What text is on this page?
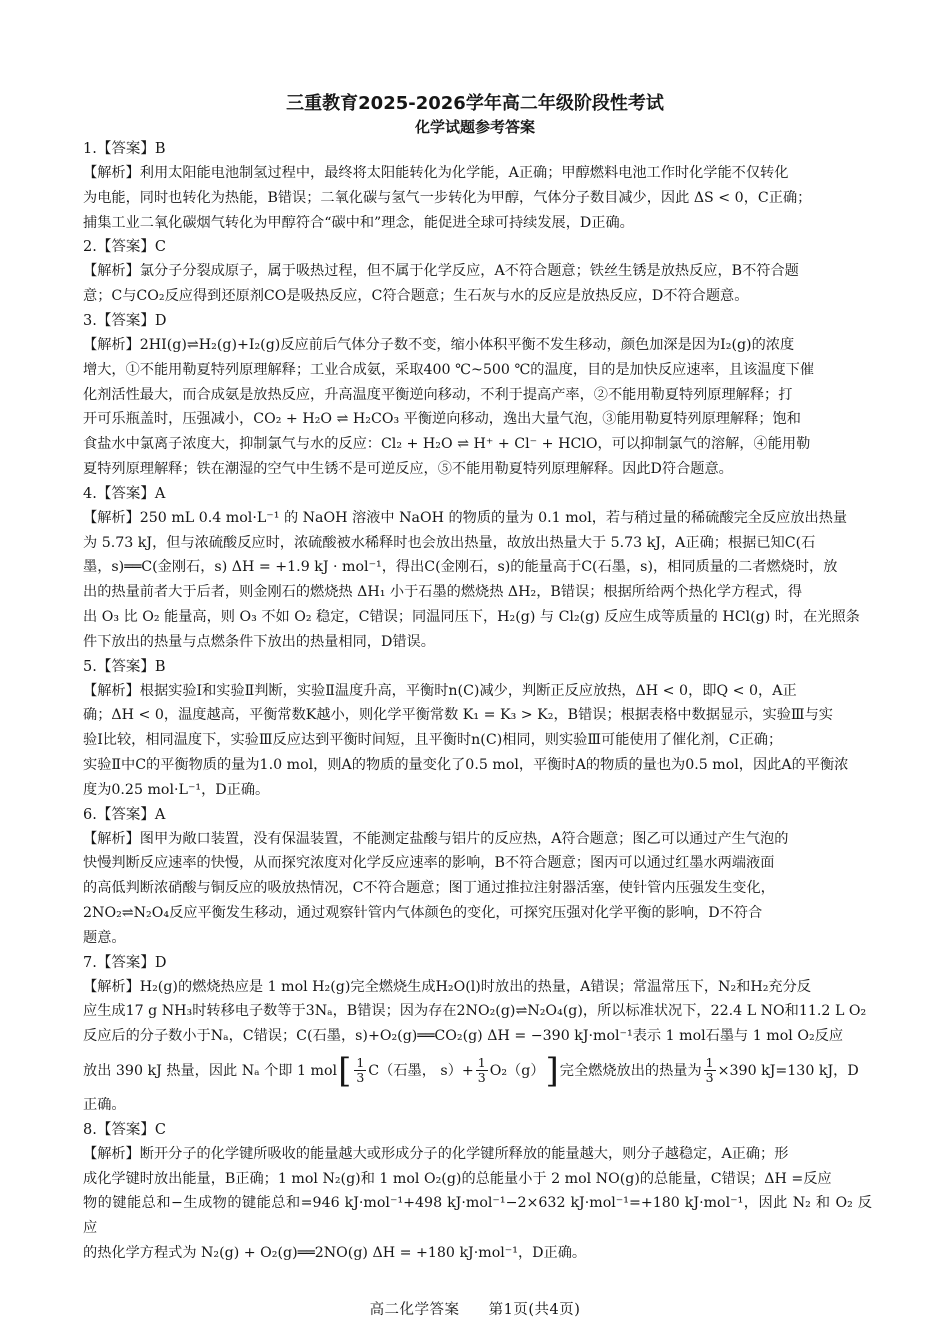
三重教育2025-2026学年高二年级阶段性考试
化学试题参考答案
1.【答案】B
【解析】利用太阳能电池制氢过程中，最终将太阳能转化为化学能，A正确；甲醇燃料电池工作时化学能不仅转化
为电能，同时也转化为热能，B错误；二氧化碳与氢气一步转化为甲醇，气体分子数目减少，因此 ΔS < 0，C正确；
捕集工业二氧化碳烟气转化为甲醇符合“碳中和”理念，能促进全球可持续发展，D正确。
2.【答案】C
【解析】氯分子分裂成原子，属于吸热过程，但不属于化学反应，A不符合题意；铁丝生锈是放热反应，B不符合题
意；C与CO₂反应得到还原剂CO是吸热反应，C符合题意；生石灰与水的反应是放热反应，D不符合题意。
3.【答案】D
【解析】2HI(g)⇌H₂(g)+I₂(g)反应前后气体分子数不变，缩小体积平衡不发生移动，颜色加深是因为I₂(g)的浓度
增大，①不能用勒夏特列原理解释；工业合成氨，采取400 ℃~500 ℃的温度，目的是加快反应速率，且该温度下催
化剂活性最大，而合成氨是放热反应，升高温度平衡逆向移动，不利于提高产率，②不能用勒夏特列原理解释；打
开可乐瓶盖时，压强减小，CO₂ + H₂O ⇌ H₂CO₃ 平衡逆向移动，逸出大量气泡，③能用勒夏特列原理解释；饱和
食盐水中氯离子浓度大，抑制氯气与水的反应：Cl₂ + H₂O ⇌ H⁺ + Cl⁻ + HClO，可以抑制氯气的溶解，④能用勒
夏特列原理解释；铁在潮湿的空气中生锈不是可逆反应，⑤不能用勒夏特列原理解释。因此D符合题意。
4.【答案】A
【解析】250 mL 0.4 mol·L⁻¹ 的 NaOH 溶液中 NaOH 的物质的量为 0.1 mol，若与稍过量的稀硫酸完全反应放出热量
为 5.73 kJ，但与浓硫酸反应时，浓硫酸被水稀释时也会放出热量，故放出热量大于 5.73 kJ，A正确；根据已知C(石
墨，s)══C(金刚石，s) ΔH = +1.9 kJ · mol⁻¹，得出C(金刚石，s)的能量高于C(石墨，s)，相同质量的二者燃烧时，放
出的热量前者大于后者，则金刚石的燃烧热 ΔH₁ 小于石墨的燃烧热 ΔH₂，B错误；根据所给两个热化学方程式，得
出 O₃ 比 O₂ 能量高，则 O₃ 不如 O₂ 稳定，C错误；同温同压下，H₂(g) 与 Cl₂(g) 反应生成等质量的 HCl(g) 时，在光照条
件下放出的热量与点燃条件下放出的热量相同，D错误。
5.【答案】B
【解析】根据实验Ⅰ和实验Ⅱ判断，实验Ⅱ温度升高，平衡时n(C)减少，判断正反应放热，ΔH < 0，即Q < 0，A正
确；ΔH < 0，温度越高，平衡常数K越小，则化学平衡常数 K₁ = K₃ > K₂，B错误；根据表格中数据显示，实验Ⅲ与实
验Ⅰ比较，相同温度下，实验Ⅲ反应达到平衡时间短，且平衡时n(C)相同，则实验Ⅲ可能使用了催化剂，C正确；
实验Ⅱ中C的平衡物质的量为1.0 mol，则A的物质的量变化了0.5 mol，平衡时A的物质的量也为0.5 mol，因此A的平衡浓
度为0.25 mol·L⁻¹，D正确。
6.【答案】A
【解析】图甲为敞口装置，没有保温装置，不能测定盐酸与铝片的反应热，A符合题意；图乙可以通过产生气泡的
快慢判断反应速率的快慢，从而探究浓度对化学反应速率的影响，B不符合题意；图丙可以通过红墨水两端液面
的高低判断浓硝酸与铜反应的吸放热情况，C不符合题意；图丁通过推拉注射器活塞，使针管内压强发生变化，
2NO₂⇌N₂O₄反应平衡发生移动，通过观察针管内气体颜色的变化，可探究压强对化学平衡的影响，D不符合
题意。
7.【答案】D
【解析】H₂(g)的燃烧热应是 1 mol H₂(g)完全燃烧生成H₂O(l)时放出的热量，A错误；常温常压下，N₂和H₂充分反
应生成17 g NH₃时转移电子数等于3Nₐ，B错误；因为存在2NO₂(g)⇌N₂O₄(g)，所以标准状况下，22.4 L NO和11.2 L O₂
反应后的分子数小于Nₐ，C错误；C(石墨，s)+O₂(g)══CO₂(g) ΔH = −390 kJ·mol⁻¹表示 1 mol石墨与 1 mol O₂反应
放出 390 kJ 热量，因此 Nₐ 个即 1 mol [ $\frac{1}{3} C$（石墨， $s)+ \frac{1}{3} O_2(g)$ ] 完全燃烧放出的热量为 $\frac{1}{3} \times 390$ kJ=130 kJ，D
正确。
8.【答案】C
【解析】断开分子的化学键所吸收的能量越大或形成分子的化学键所释放的能量越大，则分子越稳定，A正确；形
成化学键时放出能量，B正确；1 mol N₂(g)和 1 mol O₂(g)的总能量小于 2 mol NO(g)的总能量，C错误；ΔH =反应
物的键能总和−生成物的键能总和=946 kJ·mol⁻¹+498 kJ·mol⁻¹−2×632 kJ·mol⁻¹=+180 kJ·mol⁻¹，因此 N₂ 和 O₂ 反应
的热化学方程式为 N₂(g) + O₂(g)══2NO(g) ΔH = +180 kJ·mol⁻¹，D正确。
高二化学答案 第1页(共4页)
